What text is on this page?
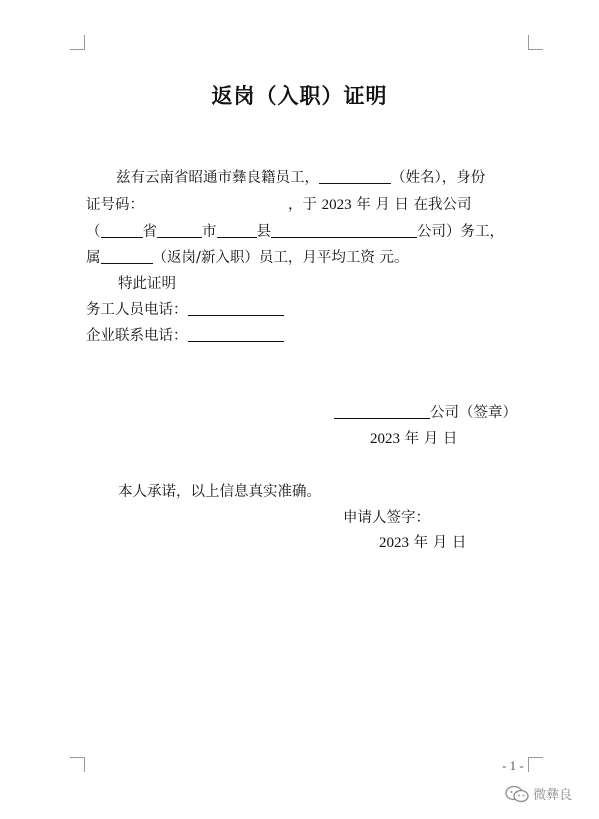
返岗（入职）证明
兹有云南省昭通市彝良籍员工，	（姓名），身份
证号码：	，于 2023 年 月 日 在我公司
（	省	市	县	公司）务工，
属	（返岗/新入职）员工，月平均工资 元。
特此证明
务工人员电话：
企业联系电话：
公司（签章）
2023 年 月 日
本人承诺，以上信息真实准确。
申请人签字：
2023 年 月 日
- 1 -
微彝良
